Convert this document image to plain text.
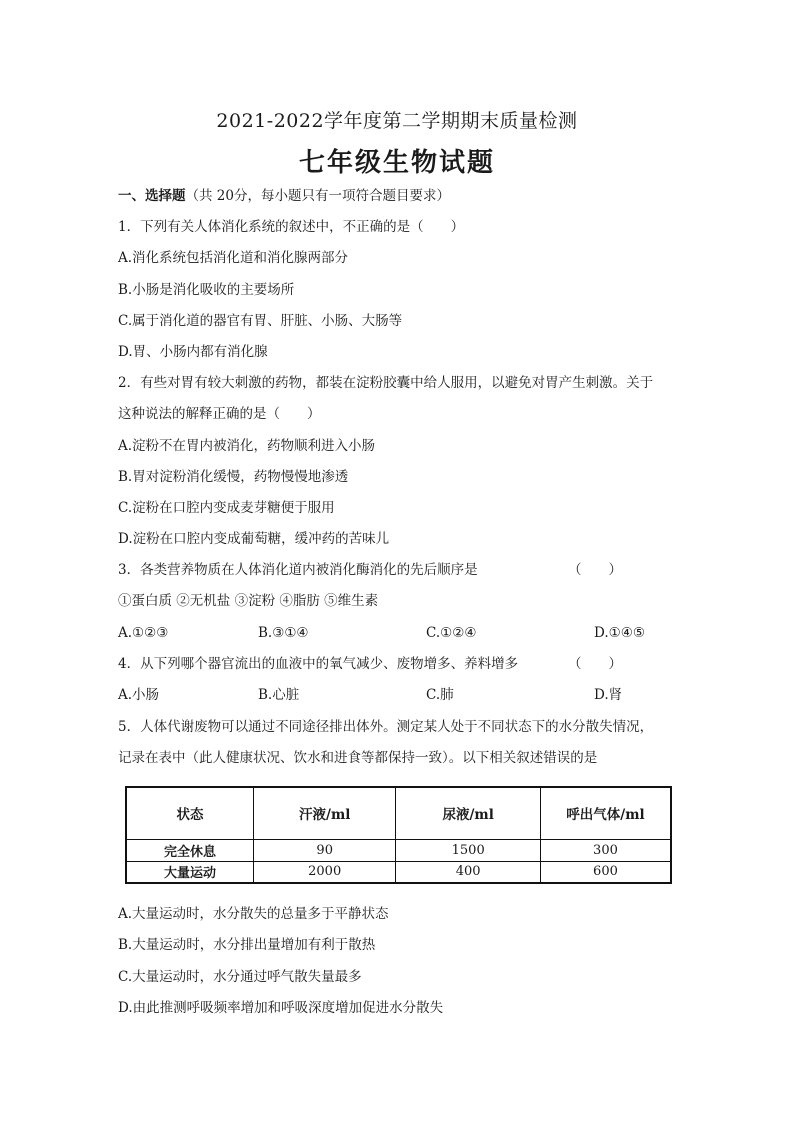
2021-2022学年度第二学期期末质量检测
七年级生物试题
一、选择题（共 20分，每小题只有一项符合题目要求）
1．下列有关人体消化系统的叙述中，不正确的是（　　）
A.消化系统包括消化道和消化腺两部分
B.小肠是消化吸收的主要场所
C.属于消化道的器官有胃、肝脏、小肠、大肠等
D.胃、小肠内都有消化腺
2．有些对胃有较大刺激的药物，都装在淀粉胶囊中给人服用，以避免对胃产生刺激。关于
这种说法的解释正确的是（　　）
A.淀粉不在胃内被消化，药物顺利进入小肠
B.胃对淀粉消化缓慢，药物慢慢地渗透
C.淀粉在口腔内变成麦芽糖便于服用
D.淀粉在口腔内变成葡萄糖，缓冲药的苦味儿
3．各类营养物质在人体消化道内被消化酶消化的先后顺序是	（　　）
①蛋白质 ②无机盐 ③淀粉 ④脂肪 ⑤维生素
A.①②③	B.③①④	C.①②④	D.①④⑤
4．从下列哪个器官流出的血液中的氧气减少、废物增多、养料增多	（　　）
A.小肠	B.心脏	C.肺	D.肾
5．人体代谢废物可以通过不同途径排出体外。测定某人处于不同状态下的水分散失情况，
记录在表中（此人健康状况、饮水和进食等都保持一致）。以下相关叙述错误的是
状态	汗液/ml	尿液/ml	呼出气体/ml
完全休息	90	1500	300
大量运动	2000	400	600
A.大量运动时，水分散失的总量多于平静状态
B.大量运动时，水分排出量增加有利于散热
C.大量运动时，水分通过呼气散失量最多
D.由此推测呼吸频率增加和呼吸深度增加促进水分散失
